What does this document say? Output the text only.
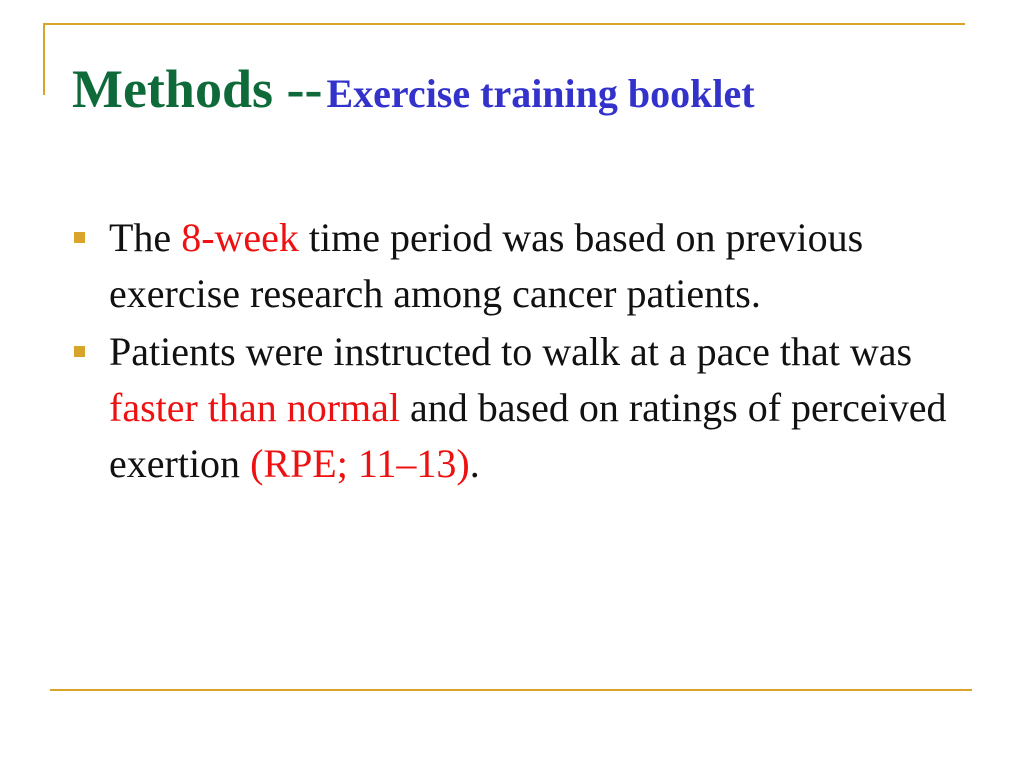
Methods -- Exercise training booklet
The 8-week time period was based on previous exercise research among cancer patients.
Patients were instructed to walk at a pace that was faster than normal and based on ratings of perceived exertion (RPE; 11–13).
